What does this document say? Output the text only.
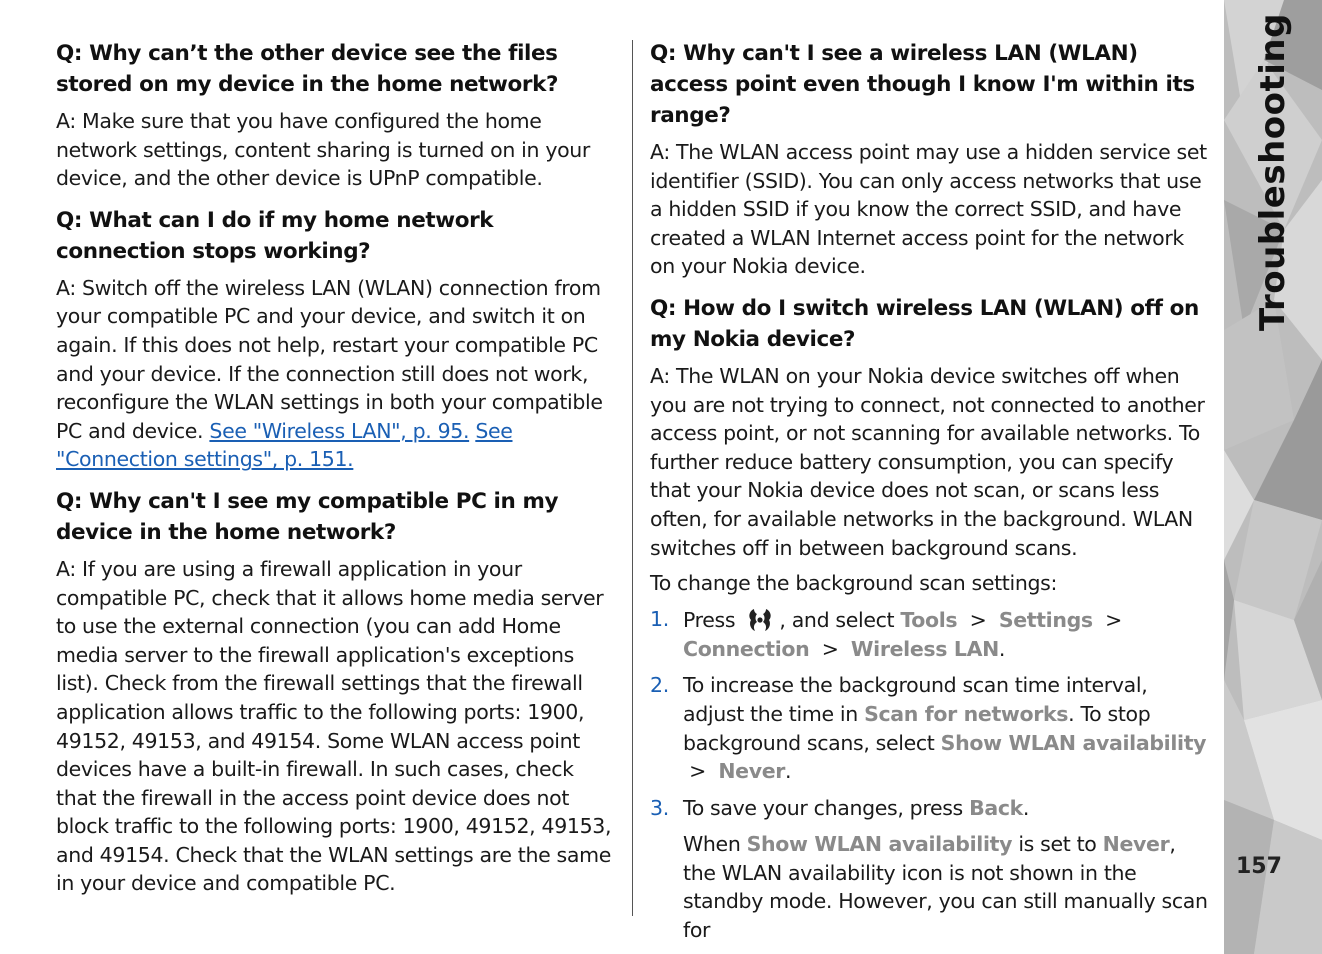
Q: Why can’t the other device see the files stored on my device in the home network?

A: Make sure that you have configured the home network settings, content sharing is turned on in your device, and the other device is UPnP compatible.

Q: What can I do if my home network connection stops working?

A: Switch off the wireless LAN (WLAN) connection from your compatible PC and your device, and switch it on again. If this does not help, restart your compatible PC and your device. If the connection still does not work, reconfigure the WLAN settings in both your compatible PC and device. See "Wireless LAN", p. 95. See "Connection settings", p. 151.

Q: Why can't I see my compatible PC in my device in the home network?

A: If you are using a firewall application in your compatible PC, check that it allows home media server to use the external connection (you can add Home media server to the firewall application's exceptions list). Check from the firewall settings that the firewall application allows traffic to the following ports: 1900, 49152, 49153, and 49154. Some WLAN access point devices have a built-in firewall. In such cases, check that the firewall in the access point device does not block traffic to the following ports: 1900, 49152, 49153, and 49154. Check that the WLAN settings are the same in your device and compatible PC.

Q: Why can't I see a wireless LAN (WLAN) access point even though I know I'm within its range?

A: The WLAN access point may use a hidden service set identifier (SSID). You can only access networks that use a hidden SSID if you know the correct SSID, and have created a WLAN Internet access point for the network on your Nokia device.

Q: How do I switch wireless LAN (WLAN) off on my Nokia device?

A: The WLAN on your Nokia device switches off when you are not trying to connect, not connected to another access point, or not scanning for available networks. To further reduce battery consumption, you can specify that your Nokia device does not scan, or scans less often, for available networks in the background. WLAN switches off in between background scans.

To change the background scan settings:

1. Press , and select Tools > Settings > Connection > Wireless LAN.
2. To increase the background scan time interval, adjust the time in Scan for networks. To stop background scans, select Show WLAN availability  > Never.
3. To save your changes, press Back.

When Show WLAN availability is set to Never, the WLAN availability icon is not shown in the standby mode. However, you can still manually scan for

Troubleshooting
157
